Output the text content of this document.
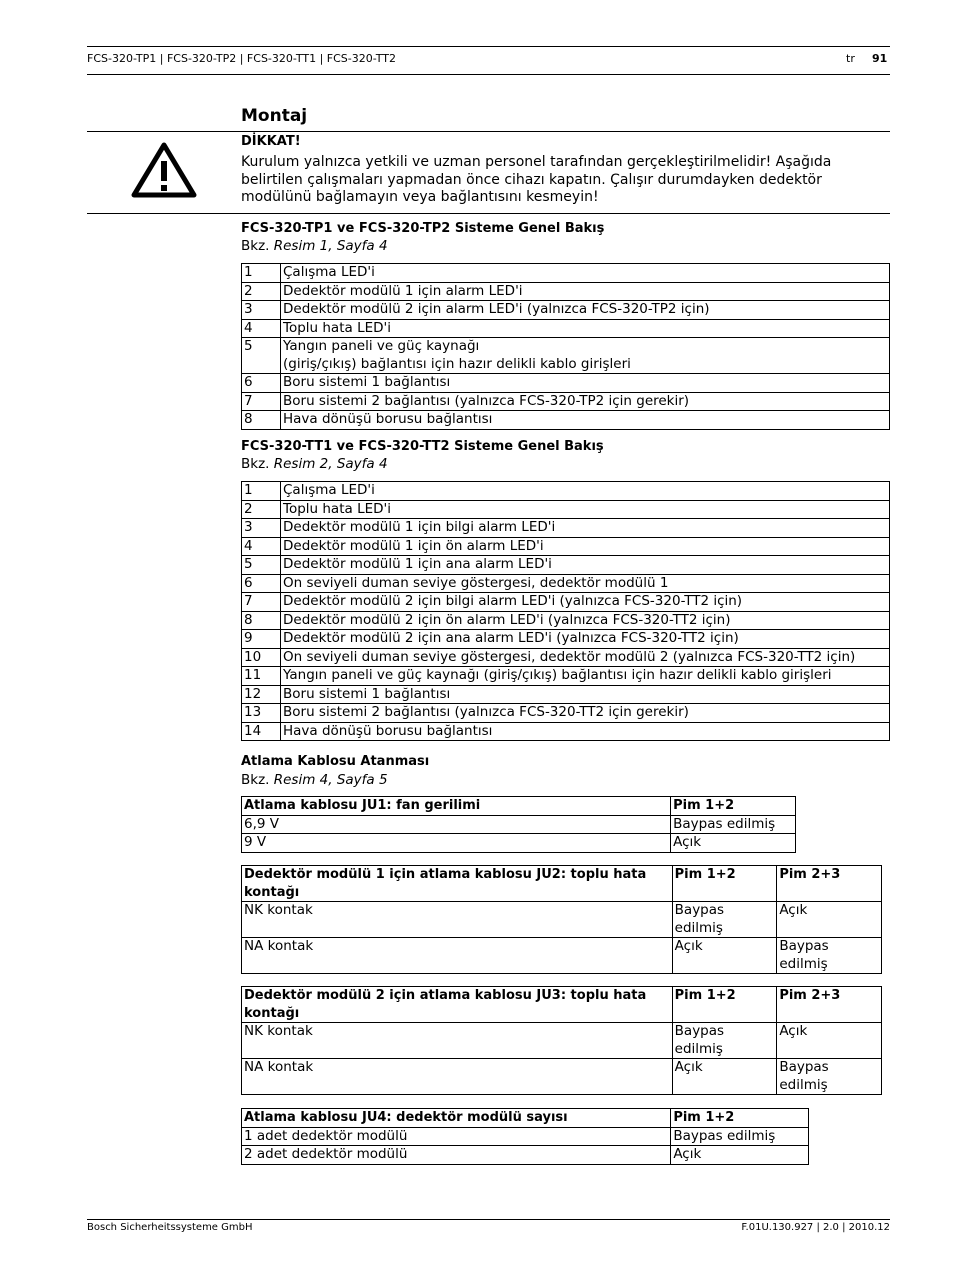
FCS-320-TP1 | FCS-320-TP2 | FCS-320-TT1 | FCS-320-TT2	tr 91
Montaj
DİKKAT!
Kurulum yalnızca yetkili ve uzman personel tarafından gerçekleştirilmelidir! Aşağıda belirtilen çalışmaları yapmadan önce cihazı kapatın. Çalışır durumdayken dedektör modülünü bağlamayın veya bağlantısını kesmeyin!
FCS-320-TP1 ve FCS-320-TP2 Sisteme Genel Bakış
Bkz. Resim 1, Sayfa 4
1	Çalışma LED'i
2	Dedektör modülü 1 için alarm LED'i
3	Dedektör modülü 2 için alarm LED'i (yalnızca FCS-320-TP2 için)
4	Toplu hata LED'i
5	Yangın paneli ve güç kaynağı
(giriş/çıkış) bağlantısı için hazır delikli kablo girişleri
6	Boru sistemi 1 bağlantısı
7	Boru sistemi 2 bağlantısı (yalnızca FCS-320-TP2 için gerekir)
8	Hava dönüşü borusu bağlantısı
FCS-320-TT1 ve FCS-320-TT2 Sisteme Genel Bakış
Bkz. Resim 2, Sayfa 4
1	Çalışma LED'i
2	Toplu hata LED'i
3	Dedektör modülü 1 için bilgi alarm LED'i
4	Dedektör modülü 1 için ön alarm LED'i
5	Dedektör modülü 1 için ana alarm LED'i
6	On seviyeli duman seviye göstergesi, dedektör modülü 1
7	Dedektör modülü 2 için bilgi alarm LED'i (yalnızca FCS-320-TT2 için)
8	Dedektör modülü 2 için ön alarm LED'i (yalnızca FCS-320-TT2 için)
9	Dedektör modülü 2 için ana alarm LED'i (yalnızca FCS-320-TT2 için)
10	On seviyeli duman seviye göstergesi, dedektör modülü 2 (yalnızca FCS-320-TT2 için)
11	Yangın paneli ve güç kaynağı (giriş/çıkış) bağlantısı için hazır delikli kablo girişleri
12	Boru sistemi 1 bağlantısı
13	Boru sistemi 2 bağlantısı (yalnızca FCS-320-TT2 için gerekir)
14	Hava dönüşü borusu bağlantısı
Atlama Kablosu Atanması
Bkz. Resim 4, Sayfa 5
Atlama kablosu JU1: fan gerilimi	Pim 1+2
6,9 V	Baypas edilmiş
9 V	Açık
Dedektör modülü 1 için atlama kablosu JU2: toplu hata kontağı	Pim 1+2	Pim 2+3
NK kontak	Baypas edilmiş	Açık
NA kontak	Açık	Baypas edilmiş
Dedektör modülü 2 için atlama kablosu JU3: toplu hata kontağı	Pim 1+2	Pim 2+3
NK kontak	Baypas edilmiş	Açık
NA kontak	Açık	Baypas edilmiş
Atlama kablosu JU4: dedektör modülü sayısı	Pim 1+2
1 adet dedektör modülü	Baypas edilmiş
2 adet dedektör modülü	Açık
Bosch Sicherheitssysteme GmbH	F.01U.130.927 | 2.0 | 2010.12
